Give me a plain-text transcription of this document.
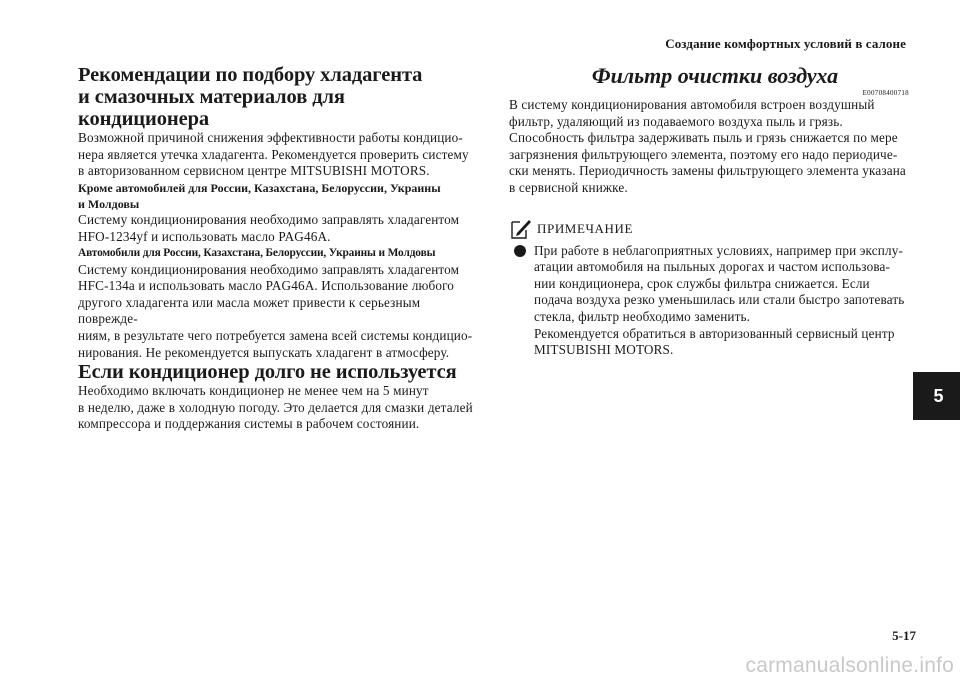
Создание комфортных условий в салоне
Рекомендации по подбору хладагента
и смазочных материалов для кондиционера

Возможной причиной снижения эффективности работы кондицио-
нера является утечка хладагента. Рекомендуется проверить систему
в авторизованном сервисном центре MITSUBISHI MOTORS.

Кроме автомобилей для России, Казахстана, Белоруссии, Украины
и Молдовы

Систему кондиционирования необходимо заправлять хладагентом
HFO-1234yf и использовать масло PAG46A.

Автомобили для России, Казахстана, Белоруссии, Украины и Молдовы

Систему кондиционирования необходимо заправлять хладагентом
HFC-134a и использовать масло PAG46A. Использование любого
другого хладагента или масла может привести к серьезным поврежде-
ниям, в результате чего потребуется замена всей системы кондицио-
нирования. Не рекомендуется выпускать хладагент в атмосферу.

Если кондиционер долго не используется

Необходимо включать кондиционер не менее чем на 5 минут
в неделю, даже в холодную погоду. Это делается для смазки деталей
компрессора и поддержания системы в рабочем состоянии.

Фильтр очистки воздуха

E00708400718

В систему кондиционирования автомобиля встроен воздушный
фильтр, удаляющий из подаваемого воздуха пыль и грязь.
Способность фильтра задерживать пыль и грязь снижается по мере
загрязнения фильтрующего элемента, поэтому его надо периодиче-
ски менять. Периодичность замены фильтрующего элемента указана
в сервисной книжке.

ПРИМЕЧАНИЕ

При работе в неблагоприятных условиях, например при эксплу-
атации автомобиля на пыльных дорогах и частом использова-
нии кондиционера, срок службы фильтра снижается. Если
подача воздуха резко уменьшилась или стали быстро запотевать
стекла, фильтр необходимо заменить.
Рекомендуется обратиться в авторизованный сервисный центр
MITSUBISHI MOTORS.

5
5-17
carmanualsonline.info
